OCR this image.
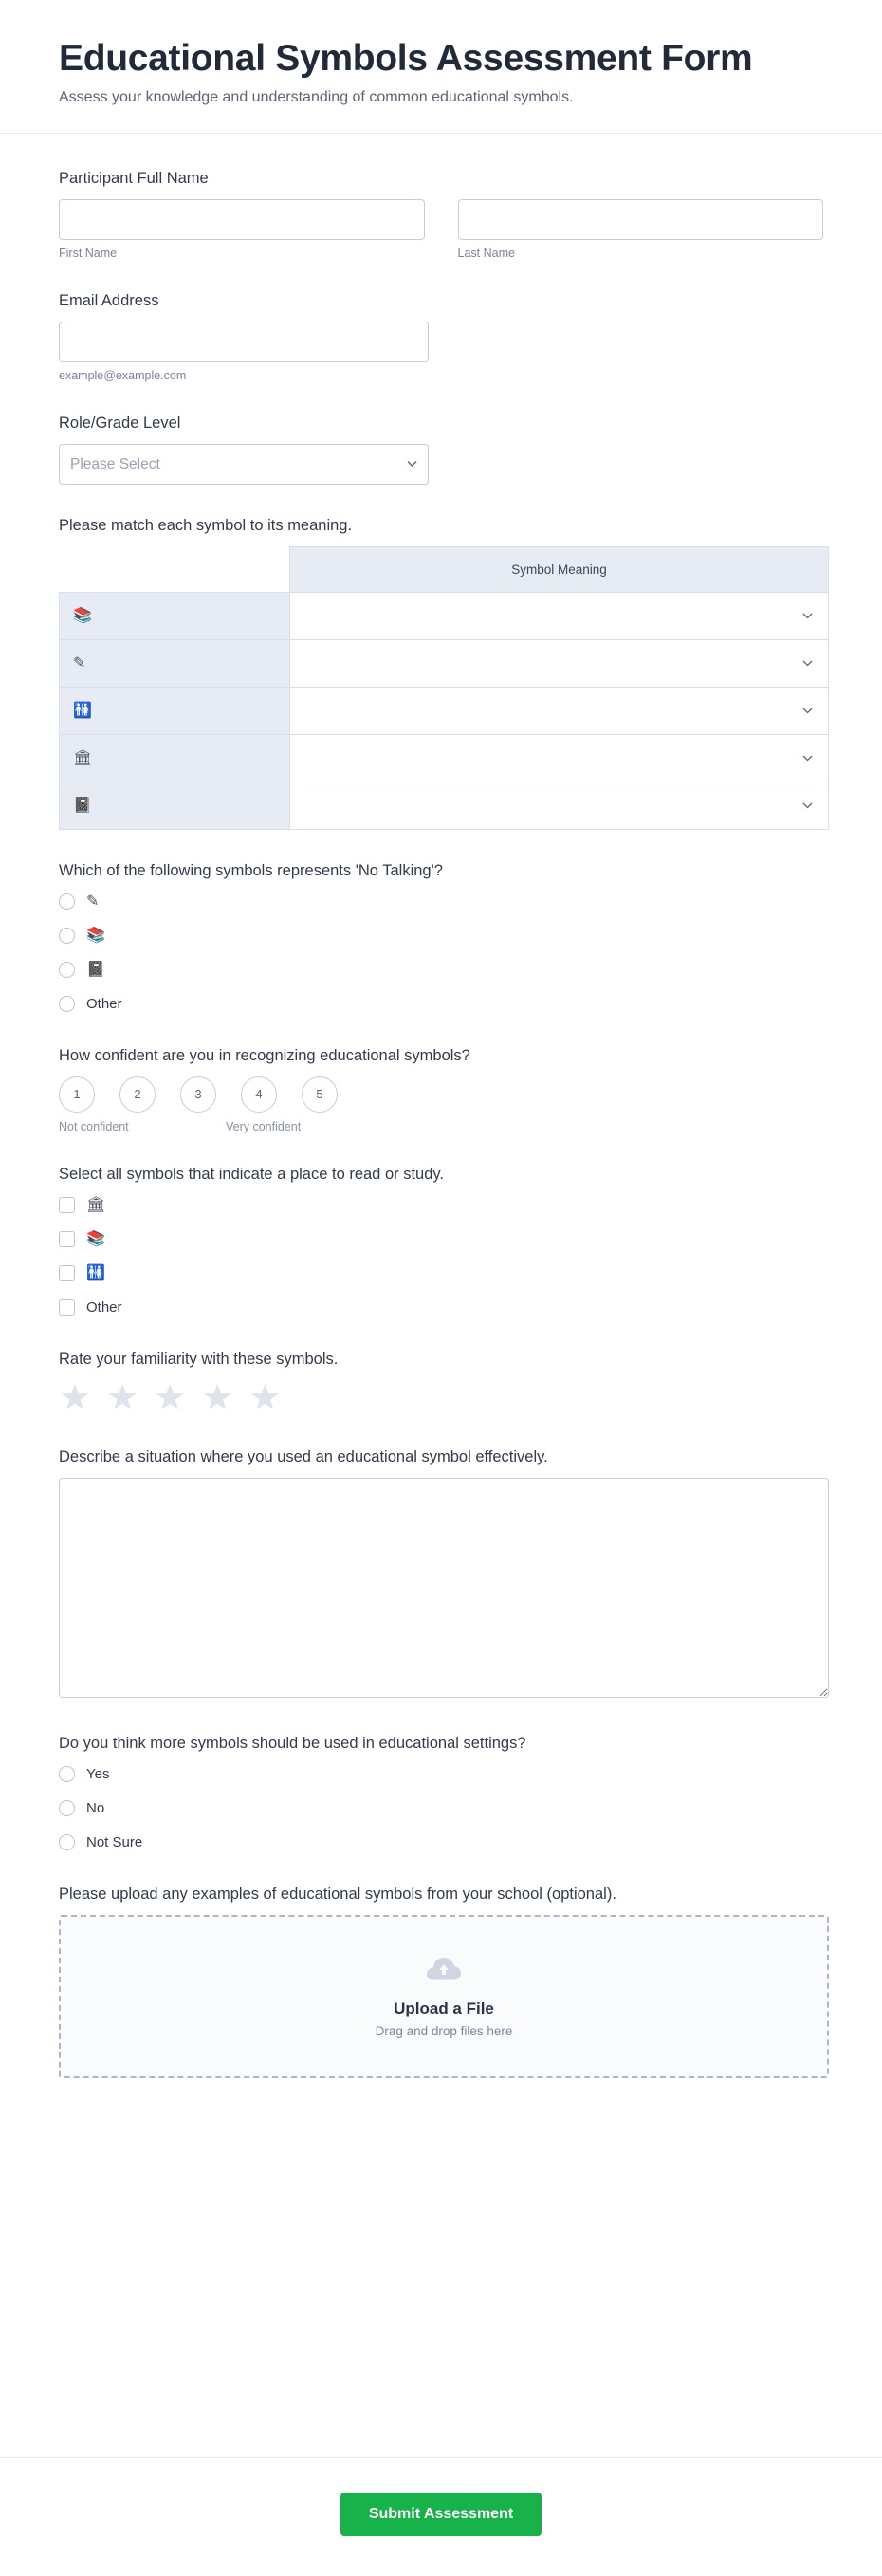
Educational Symbols Assessment Form

Assess your knowledge and understanding of common educational symbols.

Participant Full Name
First Name	Last Name
Email Address
example@example.com
Role/Grade Level
Please Select
Please match each symbol to its meaning.
	Symbol Meaning
📚	

✎	

🚻	

🏛	

📓	
Which of the following symbols represents 'No Talking'?
✎
📚
📓
Other
How confident are you in recognizing educational symbols?
1	2	3	4	5
Not confident	Very confident
Select all symbols that indicate a place to read or study.
🏛
📚
🚻
Other
Rate your familiarity with these symbols.
★ ★ ★ ★ ★
Describe a situation where you used an educational symbol effectively.
Do you think more symbols should be used in educational settings?
Yes
No
Not Sure
Please upload any examples of educational symbols from your school (optional).
Upload a File
Drag and drop files here
Submit Assessment
